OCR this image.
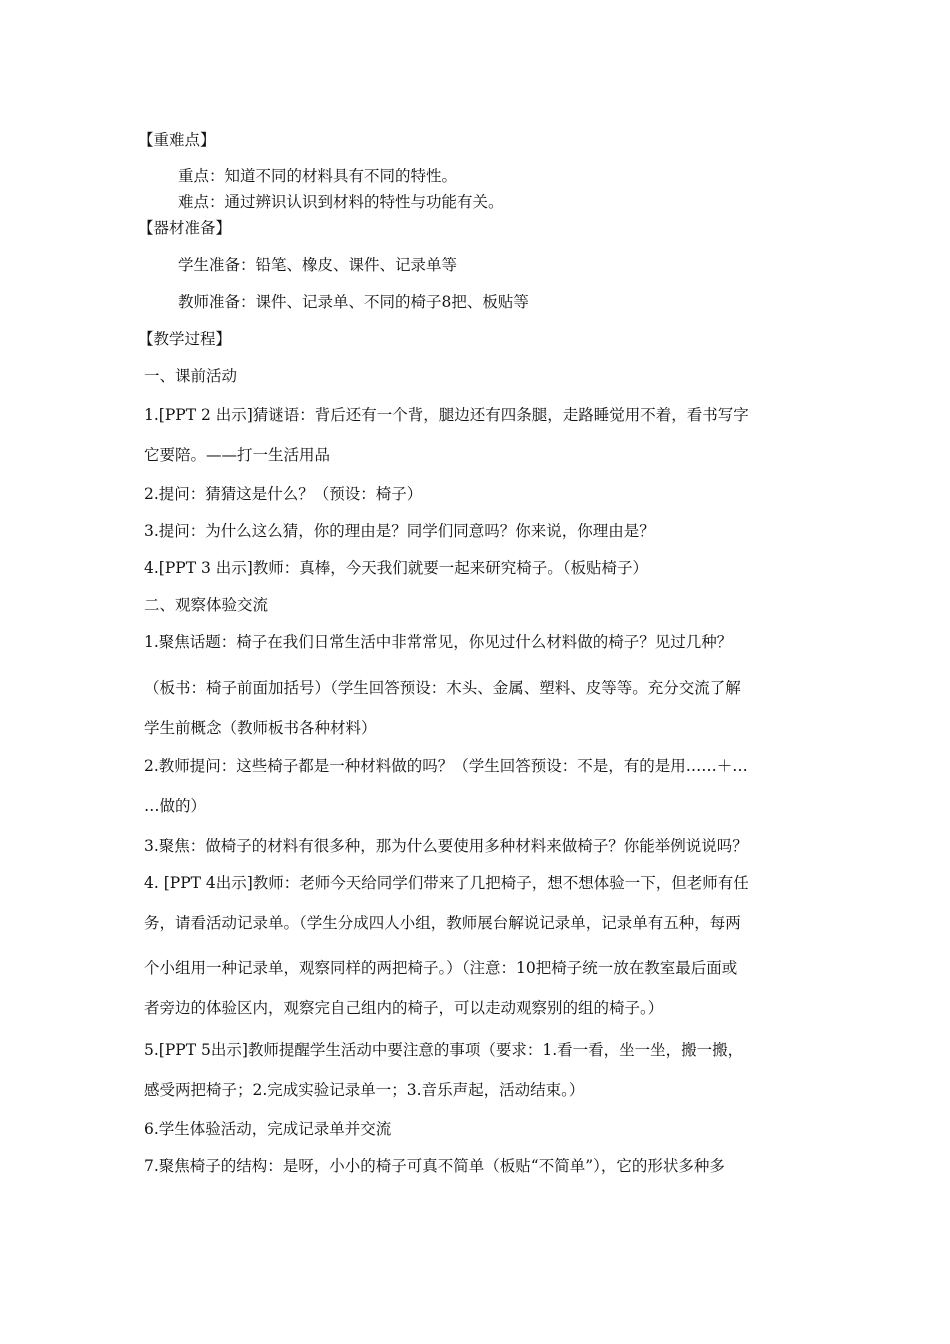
【重难点】
重点：知道不同的材料具有不同的特性。
难点：通过辨识认识到材料的特性与功能有关。
【器材准备】
学生准备：铅笔、橡皮、课件、记录单等
教师准备：课件、记录单、不同的椅子8把、板贴等
【教学过程】
一、课前活动
1.[PPT 2 出示]猜谜语：背后还有一个背，腿边还有四条腿，走路睡觉用不着，看书写字
它要陪。——打一生活用品
2.提问：猜猜这是什么？（预设：椅子）
3.提问：为什么这么猜，你的理由是？同学们同意吗？你来说，你理由是？
4.[PPT 3 出示]教师：真棒，今天我们就要一起来研究椅子。（板贴椅子）
二、观察体验交流
1.聚焦话题：椅子在我们日常生活中非常常见，你见过什么材料做的椅子？见过几种？
（板书：椅子前面加括号）（学生回答预设：木头、金属、塑料、皮等等。充分交流了解
学生前概念（教师板书各种材料）
2.教师提问：这些椅子都是一种材料做的吗？（学生回答预设：不是，有的是用……＋…
…做的）
3.聚焦：做椅子的材料有很多种，那为什么要使用多种材料来做椅子？你能举例说说吗？
4. [PPT 4出示]教师：老师今天给同学们带来了几把椅子，想不想体验一下，但老师有任
务，请看活动记录单。（学生分成四人小组，教师展台解说记录单，记录单有五种，每两
个小组用一种记录单，观察同样的两把椅子。）（注意：10把椅子统一放在教室最后面或
者旁边的体验区内，观察完自己组内的椅子，可以走动观察别的组的椅子。）
5.[PPT 5出示]教师提醒学生活动中要注意的事项（要求：1.看一看，坐一坐，搬一搬，
感受两把椅子；2.完成实验记录单一；3.音乐声起，活动结束。）
6.学生体验活动，完成记录单并交流
7.聚焦椅子的结构：是呀，小小的椅子可真不简单（板贴“不简单”），它的形状多种多
